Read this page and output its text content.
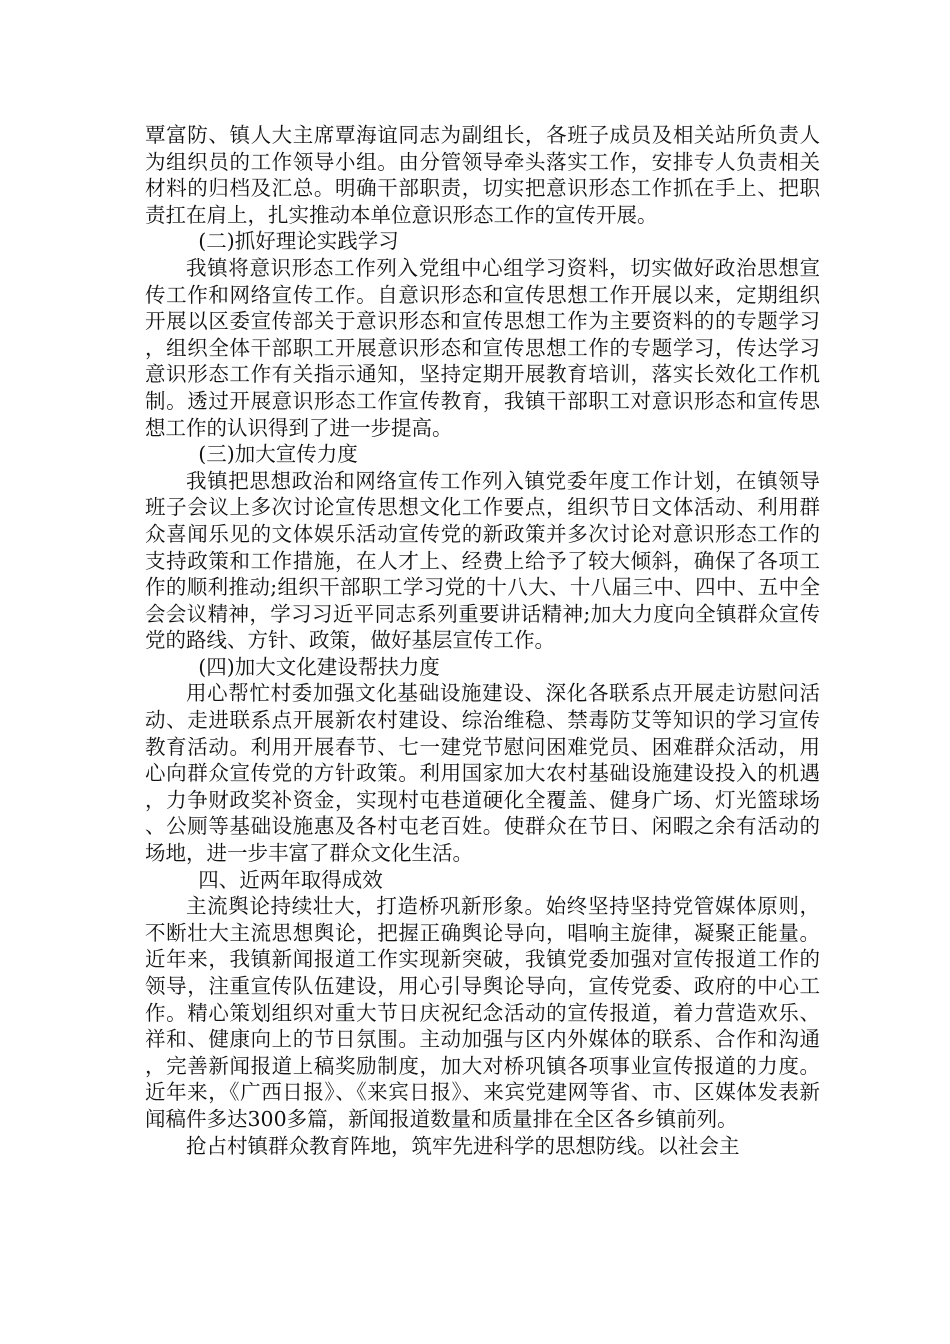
覃富防、镇人大主席覃海谊同志为副组长，各班子成员及相关站所负责人为组织员的工作领导小组。由分管领导牵头落实工作，安排专人负责相关材料的归档及汇总。明确干部职责，切实把意识形态工作抓在手上、把职责扛在肩上，扎实推动本单位意识形态工作的宣传开展。

(二)抓好理论实践学习

我镇将意识形态工作列入党组中心组学习资料，切实做好政治思想宣传工作和网络宣传工作。自意识形态和宣传思想工作开展以来，定期组织开展以区委宣传部关于意识形态和宣传思想工作为主要资料的的专题学习，组织全体干部职工开展意识形态和宣传思想工作的专题学习，传达学习意识形态工作有关指示通知，坚持定期开展教育培训，落实长效化工作机制。透过开展意识形态工作宣传教育，我镇干部职工对意识形态和宣传思想工作的认识得到了进一步提高。

(三)加大宣传力度

我镇把思想政治和网络宣传工作列入镇党委年度工作计划，在镇领导班子会议上多次讨论宣传思想文化工作要点，组织节日文体活动、利用群众喜闻乐见的文体娱乐活动宣传党的新政策并多次讨论对意识形态工作的支持政策和工作措施，在人才上、经费上给予了较大倾斜，确保了各项工作的顺利推动;组织干部职工学习党的十八大、十八届三中、四中、五中全会会议精神，学习习近平同志系列重要讲话精神;加大力度向全镇群众宣传党的路线、方针、政策，做好基层宣传工作。

(四)加大文化建设帮扶力度

用心帮忙村委加强文化基础设施建设、深化各联系点开展走访慰问活动、走进联系点开展新农村建设、综治维稳、禁毒防艾等知识的学习宣传教育活动。利用开展春节、七一建党节慰问困难党员、困难群众活动，用心向群众宣传党的方针政策。利用国家加大农村基础设施建设投入的机遇，力争财政奖补资金，实现村屯巷道硬化全覆盖、健身广场、灯光篮球场、公厕等基础设施惠及各村屯老百姓。使群众在节日、闲暇之余有活动的场地，进一步丰富了群众文化生活。

四、近两年取得成效

主流舆论持续壮大，打造桥巩新形象。始终坚持坚持党管媒体原则，不断壮大主流思想舆论，把握正确舆论导向，唱响主旋律，凝聚正能量。近年来，我镇新闻报道工作实现新突破，我镇党委加强对宣传报道工作的领导，注重宣传队伍建设，用心引导舆论导向，宣传党委、政府的中心工作。精心策划组织对重大节日庆祝纪念活动的宣传报道，着力营造欢乐、祥和、健康向上的节日氛围。主动加强与区内外媒体的联系、合作和沟通，完善新闻报道上稿奖励制度，加大对桥巩镇各项事业宣传报道的力度。近年来，《广西日报》、《来宾日报》、来宾党建网等省、市、区媒体发表新闻稿件多达300多篇，新闻报道数量和质量排在全区各乡镇前列。

抢占村镇群众教育阵地，筑牢先进科学的思想防线。以社会主
